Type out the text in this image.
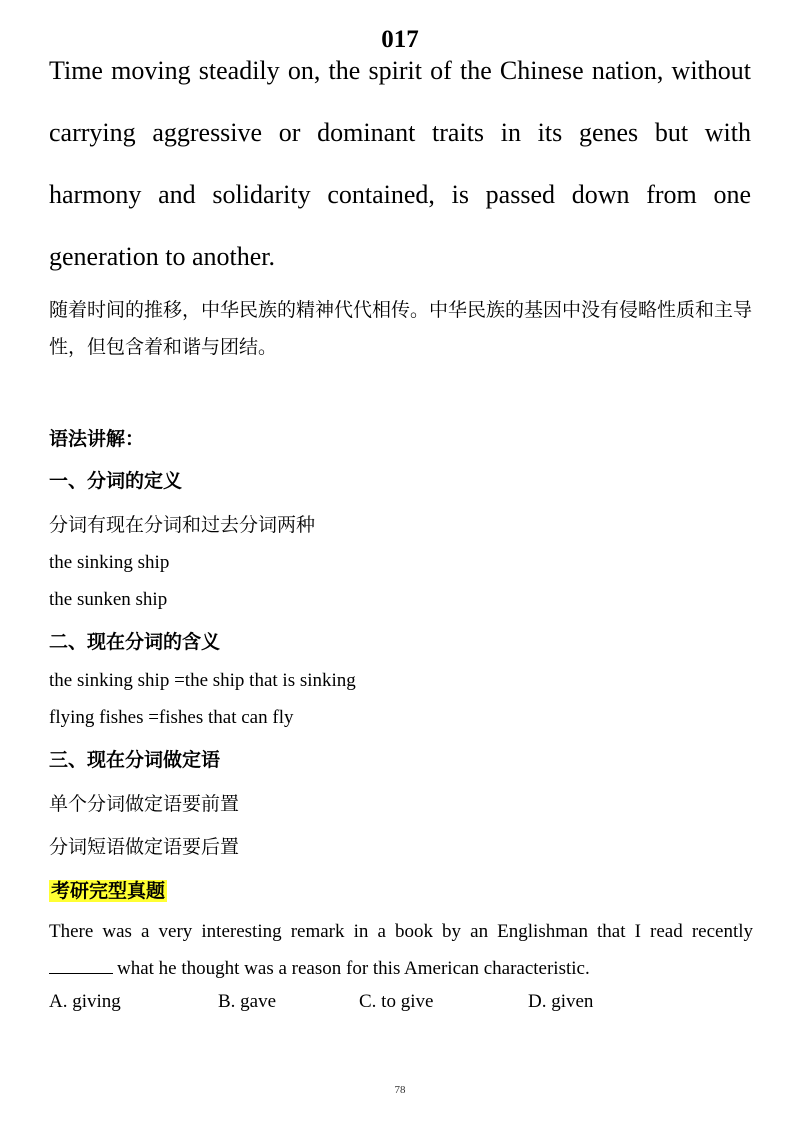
017
Time moving steadily on, the spirit of the Chinese nation, without carrying aggressive or dominant traits in its genes but with harmony and solidarity contained, is passed down from one generation to another.
随着时间的推移，中华民族的精神代代相传。中华民族的基因中没有侵略性质和主导性，但包含着和谐与团结。
语法讲解：
一、分词的定义
分词有现在分词和过去分词两种
the sinking ship
the sunken ship
二、现在分词的含义
the sinking ship =the ship that is sinking
flying fishes =fishes that can fly
三、现在分词做定语
单个分词做定语要前置
分词短语做定语要后置
考研完型真题
There was a very interesting remark in a book by an Englishman that I read recently what he thought was a reason for this American characteristic.
A. giving	B. gave	C. to give	D. given
78
